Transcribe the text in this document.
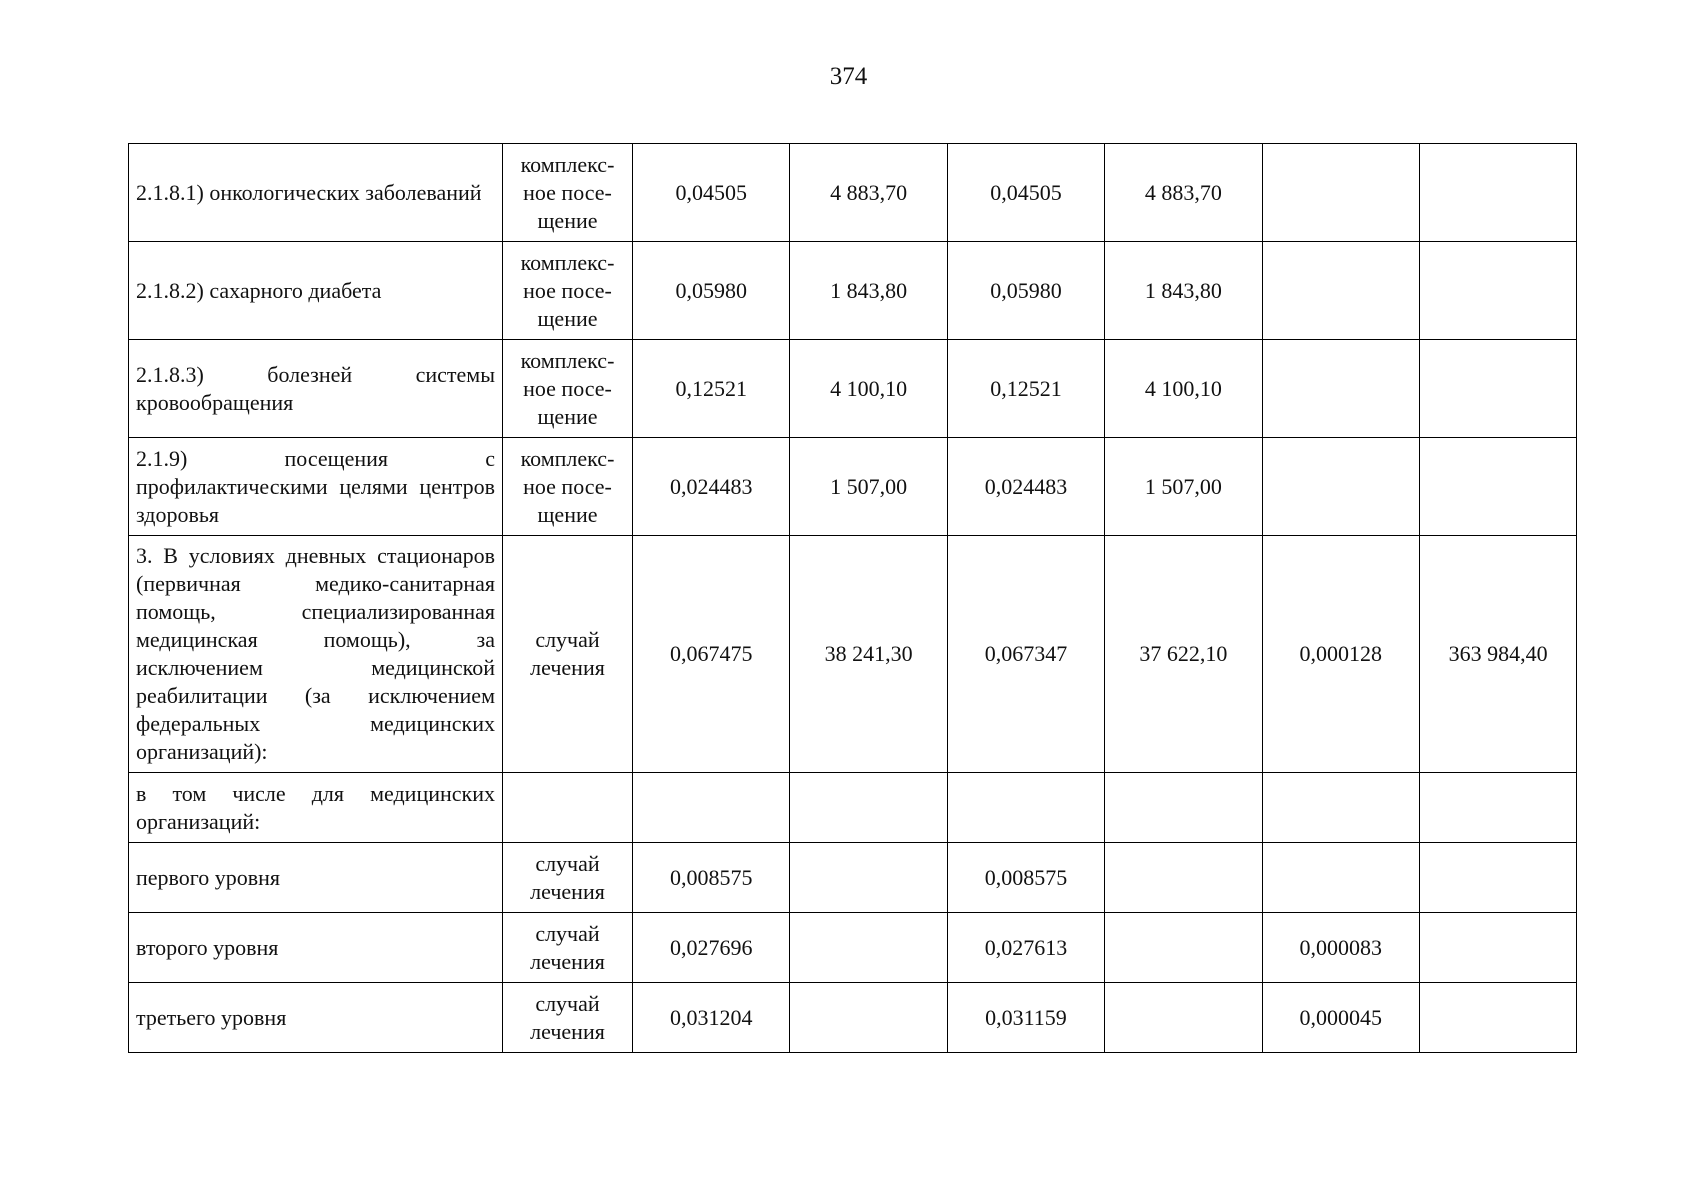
374
2.1.8.1) онкологических заболеваний	комплекс-ное посе-щение	0,04505	4 883,70	0,04505	4 883,70		
2.1.8.2) сахарного диабета	комплекс-ное посе-щение	0,05980	1 843,80	0,05980	1 843,80		
2.1.8.3) болезней системы кровообращения	комплекс-ное посе-щение	0,12521	4 100,10	0,12521	4 100,10		
2.1.9) посещения с профилактическими целями центров здоровья	комплекс-ное посе-щение	0,024483	1 507,00	0,024483	1 507,00		
3. В условиях дневных стационаров (первичная медико-санитарная помощь, специализированная медицинская помощь), за исключением медицинской реабилитации (за исключением федеральных медицинских организаций):	случай лечения	0,067475	38 241,30	0,067347	37 622,10	0,000128	363 984,40
в том числе для медицинских организаций:							
первого уровня	случай лечения	0,008575		0,008575			
второго уровня	случай лечения	0,027696		0,027613		0,000083	
третьего уровня	случай лечения	0,031204		0,031159		0,000045	
